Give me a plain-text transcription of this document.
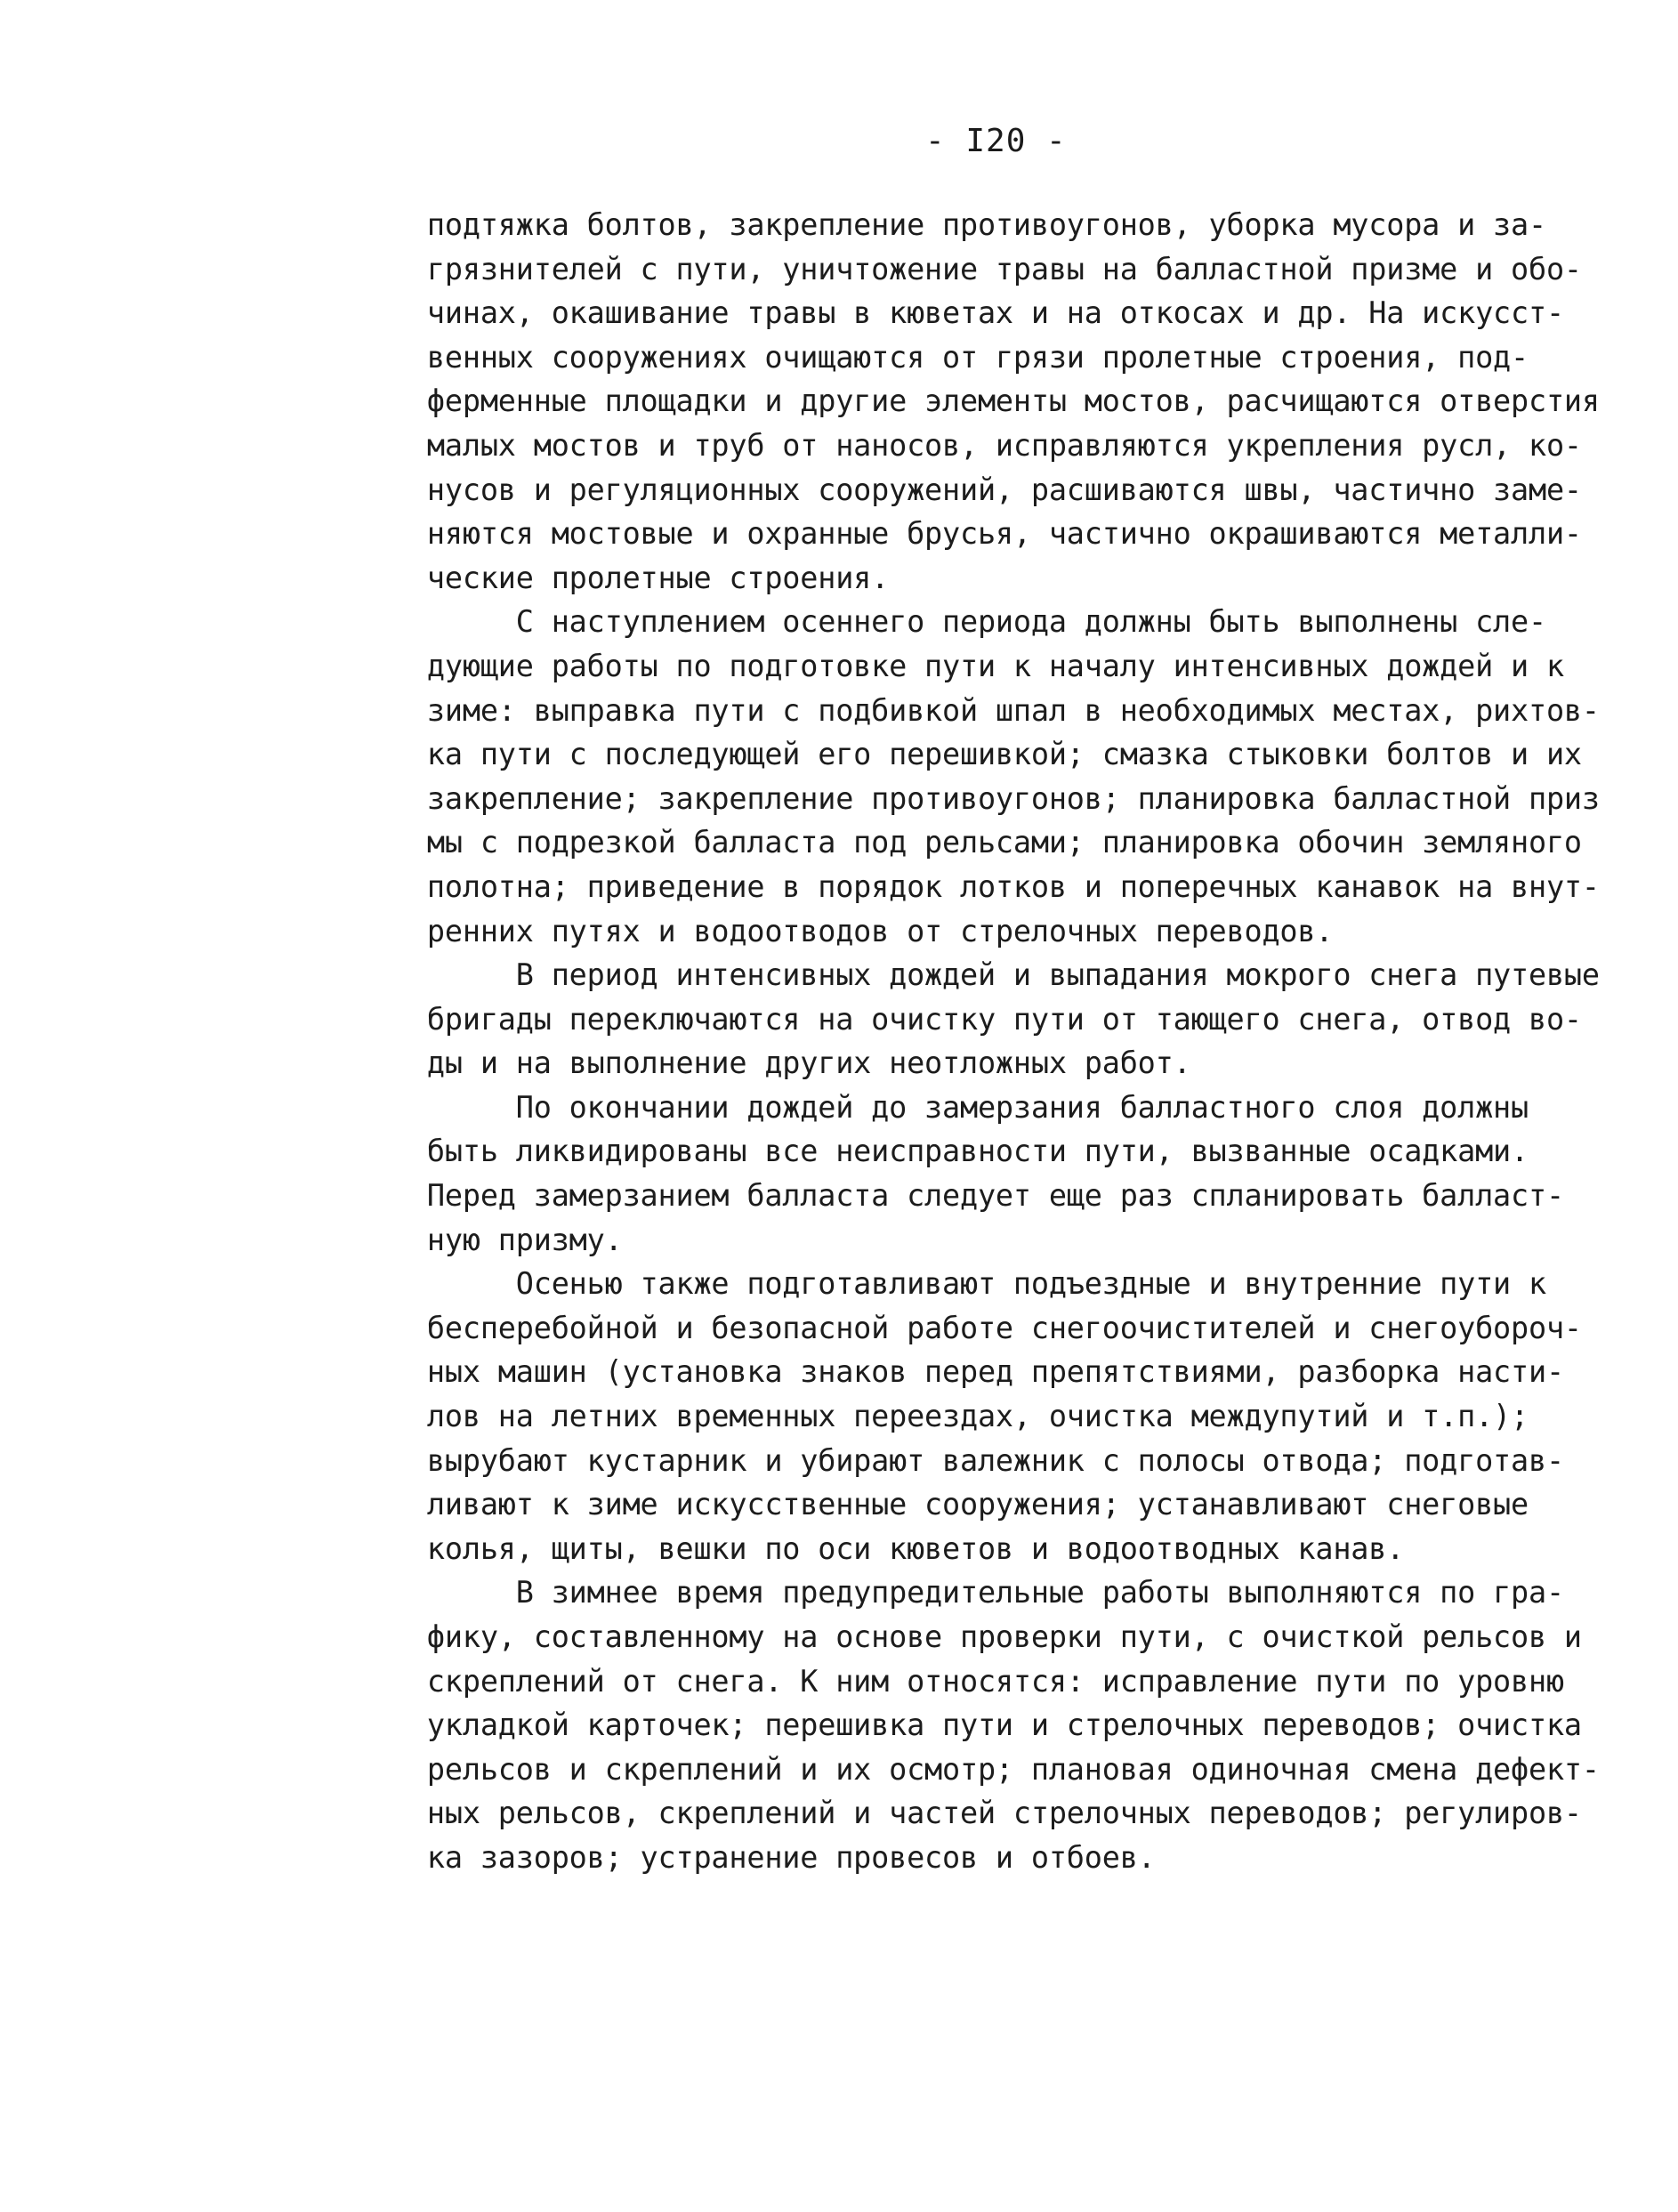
- I20 -
подтяжка болтов, закрепление противоугонов, уборка мусора и за-
грязнителей с пути, уничтожение травы на балластной призме и обо-
чинах, окашивание травы в кюветах и на откосах и др. На искусст-
венных сооружениях очищаются от грязи пролетные строения, под-
ферменные площадки и другие элементы мостов, расчищаются отверстия
малых мостов и труб от наносов, исправляются укрепления русл, ко-
нусов и регуляционных сооружений, расшиваются швы, частично заме-
няются мостовые и охранные брусья, частично окрашиваются металли-
ческие пролетные строения.
С наступлением осеннего периода должны быть выполнены сле-
дующие работы по подготовке пути к началу интенсивных дождей и к
зиме: выправка пути с подбивкой шпал в необходимых местах, рихтов-
ка пути с последующей его перешивкой; смазка стыковки болтов и их
закрепление; закрепление противоугонов; планировка балластной приз
мы с подрезкой балласта под рельсами; планировка обочин земляного
полотна; приведение в порядок лотков и поперечных канавок на внут-
ренних путях и водоотводов от стрелочных переводов.
В период интенсивных дождей и выпадания мокрого снега путевые
бригады переключаются на очистку пути от тающего снега, отвод во-
ды и на выполнение других неотложных работ.
По окончании дождей до замерзания балластного слоя должны
быть ликвидированы все неисправности пути, вызванные осадками.
Перед замерзанием балласта следует еще раз спланировать балласт-
ную призму.
Осенью также подготавливают подъездные и внутренние пути к
бесперебойной и безопасной работе снегоочистителей и снегоубороч-
ных машин (установка знаков перед препятствиями, разборка насти-
лов на летних временных переездах, очистка междупутий и т.п.);
вырубают кустарник и убирают валежник с полосы отвода; подготав-
ливают к зиме искусственные сооружения; устанавливают снеговые
колья, щиты, вешки по оси кюветов и водоотводных канав.
В зимнее время предупредительные работы выполняются по гра-
фику, составленному на основе проверки пути, с очисткой рельсов и
скреплений от снега. К ним относятся: исправление пути по уровню
укладкой карточек; перешивка пути и стрелочных переводов; очистка
рельсов и скреплений и их осмотр; плановая одиночная смена дефект-
ных рельсов, скреплений и частей стрелочных переводов; регулиров-
ка зазоров; устранение провесов и отбоев.
